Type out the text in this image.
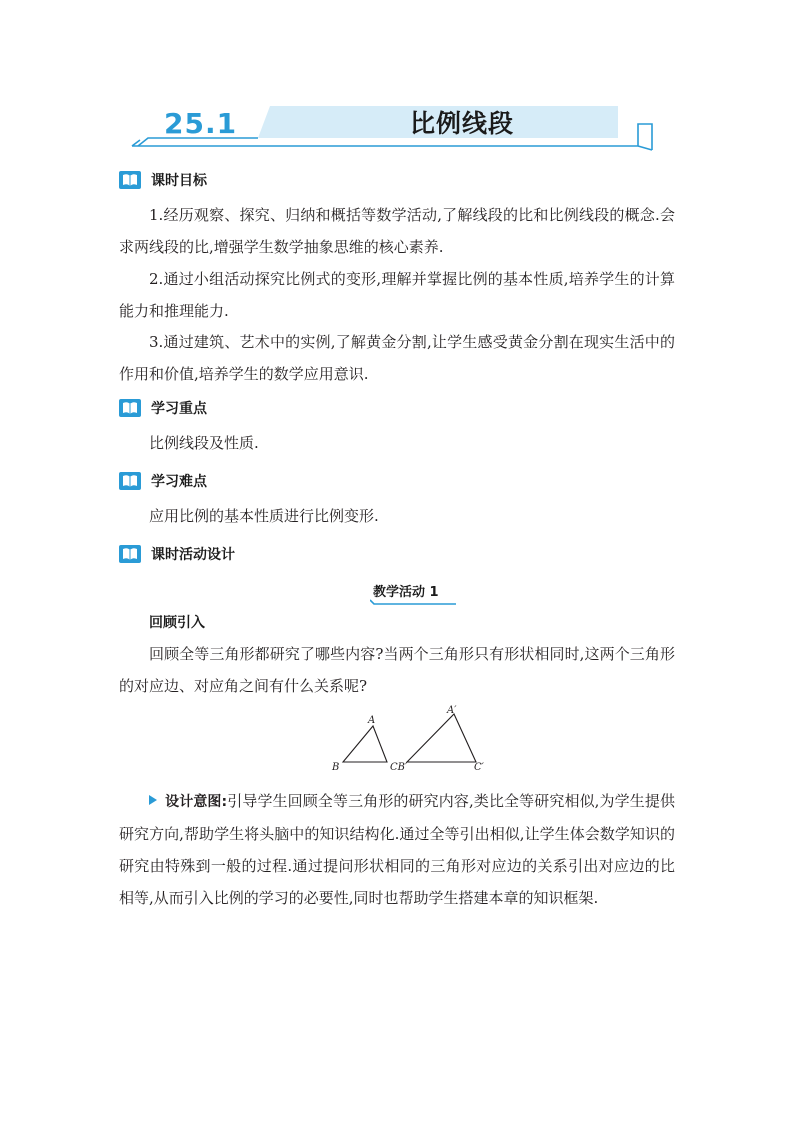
25.1	比例线段
课时目标

1.经历观察、探究、归纳和概括等数学活动,了解线段的比和比例线段的概念.会求两线段的比,增强学生数学抽象思维的核心素养.

2.通过小组活动探究比例式的变形,理解并掌握比例的基本性质,培养学生的计算能力和推理能力.

3.通过建筑、艺术中的实例,了解黄金分割,让学生感受黄金分割在现实生活中的作用和价值,培养学生的数学应用意识.

学习重点

比例线段及性质.

学习难点

应用比例的基本性质进行比例变形.

课时活动设计
教学活动 1
回顾引入

回顾全等三角形都研究了哪些内容?当两个三角形只有形状相同时,这两个三角形的对应边、对应角之间有什么关系呢?

A
B	CB′
A′
C′

设计意图:引导学生回顾全等三角形的研究内容,类比全等研究相似,为学生提供研究方向,帮助学生将头脑中的知识结构化.通过全等引出相似,让学生体会数学知识的研究由特殊到一般的过程.通过提问形状相同的三角形对应边的关系引出对应边的比相等,从而引入比例的学习的必要性,同时也帮助学生搭建本章的知识框架.
